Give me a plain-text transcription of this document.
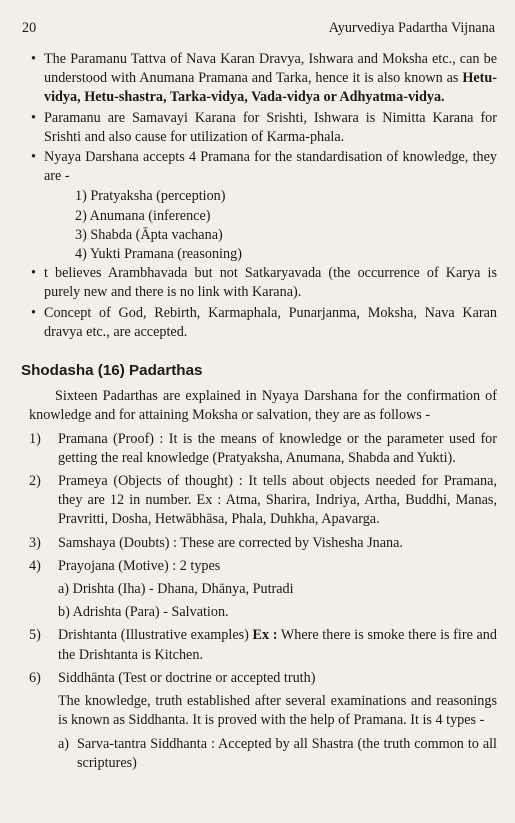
20	Ayurvediya Padartha Vijnana
• The Paramanu Tattva of Nava Karan Dravya, Ishwara and Moksha etc., can be understood with Anumana Pramana and Tarka, hence it is also known as Hetu-vidya, Hetu-shastra, Tarka-vidya, Vada-vidya or Adhyatma-vidya.
• Paramanu are Samavayi Karana for Srishti, Ishwara is Nimitta Karana for Srishti and also cause for utilization of Karma-phala.
• Nyaya Darshana accepts 4 Pramana for the standardisation of knowledge, they are -
1) Pratyaksha (perception)
2) Anumana (inference)
3) Shabda (Āpta vachana)
4) Yukti Pramana (reasoning)
• t believes Arambhavada but not Satkaryavada (the occurrence of Karya is purely new and there is no link with Karana).
• Concept of God, Rebirth, Karmaphala, Punarjanma, Moksha, Nava Karan dravya etc., are accepted.
Shodasha (16) Padarthas

Sixteen Padarthas are explained in Nyaya Darshana for the confirmation of knowledge and for attaining Moksha or salvation, they are as follows -

1) Pramana (Proof) : It is the means of knowledge or the parameter used for getting the real knowledge (Pratyaksha, Anumana, Shabda and Yukti).
2) Prameya (Objects of thought) : It tells about objects needed for Pramana, they are 12 in number. Ex : Atma, Sharira, Indriya, Artha, Buddhi, Manas, Pravritti, Dosha, Hetwābhāsa, Phala, Duhkha, Apavarga.
3) Samshaya (Doubts) : These are corrected by Vishesha Jnana.
4) Prayojana (Motive) : 2 types
a) Drishta (Iha) - Dhana, Dhānya, Putradi
b) Adrishta (Para) - Salvation.
5) Drishtanta (Illustrative examples) Ex : Where there is smoke there is fire and the Drishtanta is Kitchen.
6) Siddhānta (Test or doctrine or accepted truth)
The knowledge, truth established after several examinations and reasonings is known as Siddhanta. It is proved with the help of Pramana. It is 4 types -
a) Sarva-tantra Siddhanta : Accepted by all Shastra (the truth common to all scriptures)
